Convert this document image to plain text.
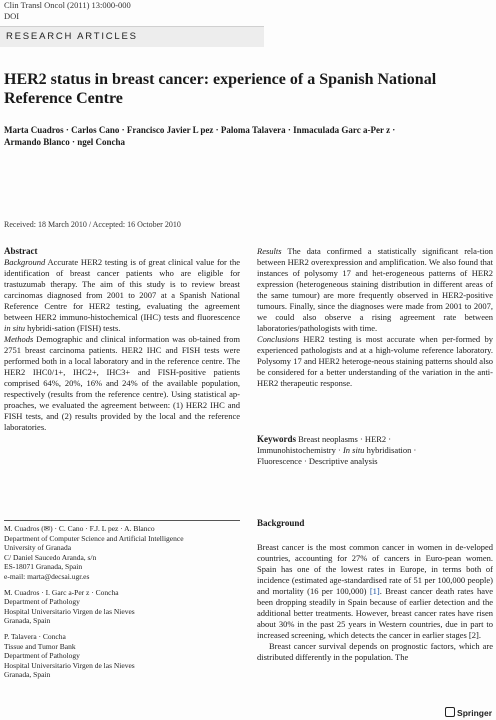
Clin Transl Oncol (2011) 13:000-000
DOI
RESEARCH ARTICLES
HER2 status in breast cancer: experience of a Spanish National
Reference Centre
Marta Cuadros · Carlos Cano · Francisco Javier L pez · Paloma Talavera · Inmaculada Garc a-Per z ·
Armando Blanco · ngel Concha
Received: 18 March 2010 / Accepted: 16 October 2010

Abstract

Background Accurate HER2 testing is of great clinical value for the identification of breast cancer patients who are eligible for trastuzumab therapy. The aim of this study is to review breast carcinomas diagnosed from 2001 to 2007 at a Spanish National Reference Centre for HER2 testing, evaluating the agreement between HER2 immuno-histochemical (IHC) tests and fluorescence in situ hybridi-sation (FISH) tests.

Methods Demographic and clinical information was ob-tained from 2751 breast carcinoma patients. HER2 IHC and FISH tests were performed both in a local laboratory and in the reference centre. The HER2 IHC0/1+, IHC2+, IHC3+ and FISH-positive patients comprised 64%, 20%, 16% and 24% of the available population, respectively (results from the reference centre). Using statistical ap-proaches, we evaluated the agreement between: (1) HER2 IHC and FISH tests, and (2) results provided by the local and the reference laboratories.

Results The data confirmed a statistically significant rela-tion between HER2 overexpression and amplification. We also found that instances of polysomy 17 and het-erogeneous patterns of HER2 expression (heterogeneous staining distribution in different areas of the same tumour) are more frequently observed in HER2-positive tumours. Finally, since the diagnoses were made from 2001 to 2007, we could also observe a rising agreement rate between laboratories/pathologists with time.

Conclusions HER2 testing is most accurate when per-formed by experienced pathologists and at a high-volume reference laboratory. Polysomy 17 and HER2 heteroge-neous staining patterns should also be considered for a better understanding of the variation in the anti-HER2 therapeutic response.

Keywords Breast neoplasms · HER2 ·
Immunohistochemistry · In situ hybridisation ·
Fluorescence · Descriptive analysis
M. Cuadros (✉) · C. Cano · F.J. L pez · A. Blanco
Department of Computer Science and Artificial Intelligence
University of Granada
C/ Daniel Saucedo Aranda, s/n
ES-18071 Granada, Spain
e-mail: marta@decsai.ugr.es
M. Cuadros · I. Garc a-Per z · Concha
Department of Pathology
Hospital Universitario Virgen de las Nieves
Granada, Spain
P. Talavera · Concha
Tissue and Tumor Bank
Department of Pathology
Hospital Universitario Virgen de las Nieves
Granada, Spain
Background

Breast cancer is the most common cancer in women in de-veloped countries, accounting for 27% of cancers in Euro-pean women. Spain has one of the lowest rates in Europe, in terms both of incidence (estimated age-standardised rate of 51 per 100,000 people) and mortality (16 per 100,000) [1]. Breast cancer death rates have been dropping steadily in Spain because of earlier detection and the additional better treatments. However, breast cancer rates have risen about 30% in the past 25 years in Western countries, due in part to increased screening, which detects the cancer in earlier stages [2].

Breast cancer survival depends on prognostic factors, which are distributed differently in the population. The

Springer
